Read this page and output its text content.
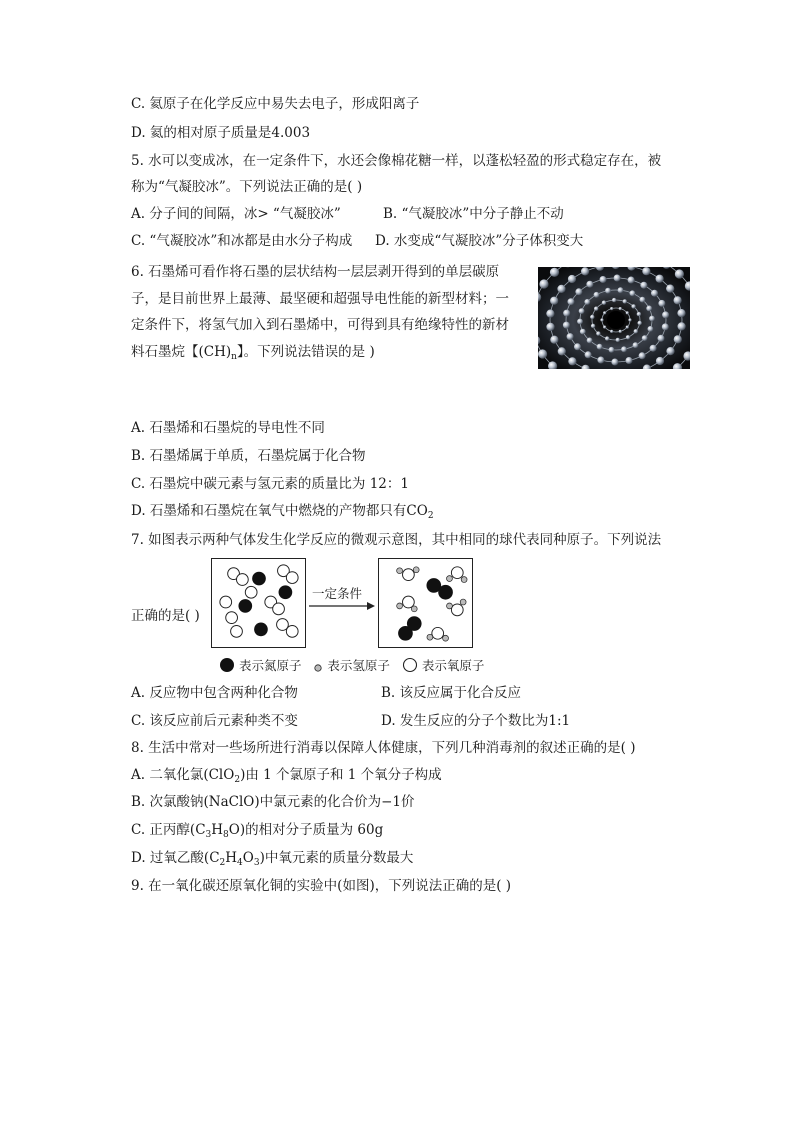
C. 氦原子在化学反应中易失去电子，形成阳离子
D. 氦的相对原子质量是4.003
5. 水可以变成冰，在一定条件下，水还会像棉花糖一样，以蓬松轻盈的形式稳定存在，被
称为“气凝胶冰”。下列说法正确的是( )
A. 分子间的间隔，冰> “气凝胶冰”	B. “气凝胶冰”中分子静止不动
C. “气凝胶冰”和冰都是由水分子构成 D. 水变成“气凝胶冰”分子体积变大
6. 石墨烯可看作将石墨的层状结构一层层剥开得到的单层碳原
子，是目前世界上最薄、最坚硬和超强导电性能的新型材料；一
定条件下，将氢气加入到石墨烯中，可得到具有绝缘特性的新材
料石墨烷【$(CH)_n$】。下列说法错误的是 )
A. 石墨烯和石墨烷的导电性不同
B. 石墨烯属于单质，石墨烷属于化合物
C. 石墨烷中碳元素与氢元素的质量比为 12：1
D. 石墨烯和石墨烷在氧气中燃烧的产物都只有$CO_2$
7. 如图表示两种气体发生化学反应的微观示意图，其中相同的球代表同种原子。下列说法
正确的是( )
一定条件
表示氮原子 表示氢原子	表示氧原子
A. 反应物中包含两种化合物	B. 该反应属于化合反应
C. 该反应前后元素种类不变	D. 发生反应的分子个数比为1:1
8. 生活中常对一些场所进行消毒以保障人体健康，下列几种消毒剂的叙述正确的是( )
A. 二氧化氯(ClO$_2$)由 1 个氯原子和 1 个氧分子构成
B. 次氯酸钠(NaClO)中氯元素的化合价为−1价
C. 正丙醇$(C_3H_8O)$的相对分子质量为 60g
D. 过氧乙酸$(C_2H_4O_3)$中氧元素的质量分数最大
9. 在一氧化碳还原氧化铜的实验中(如图)，下列说法正确的是( )
